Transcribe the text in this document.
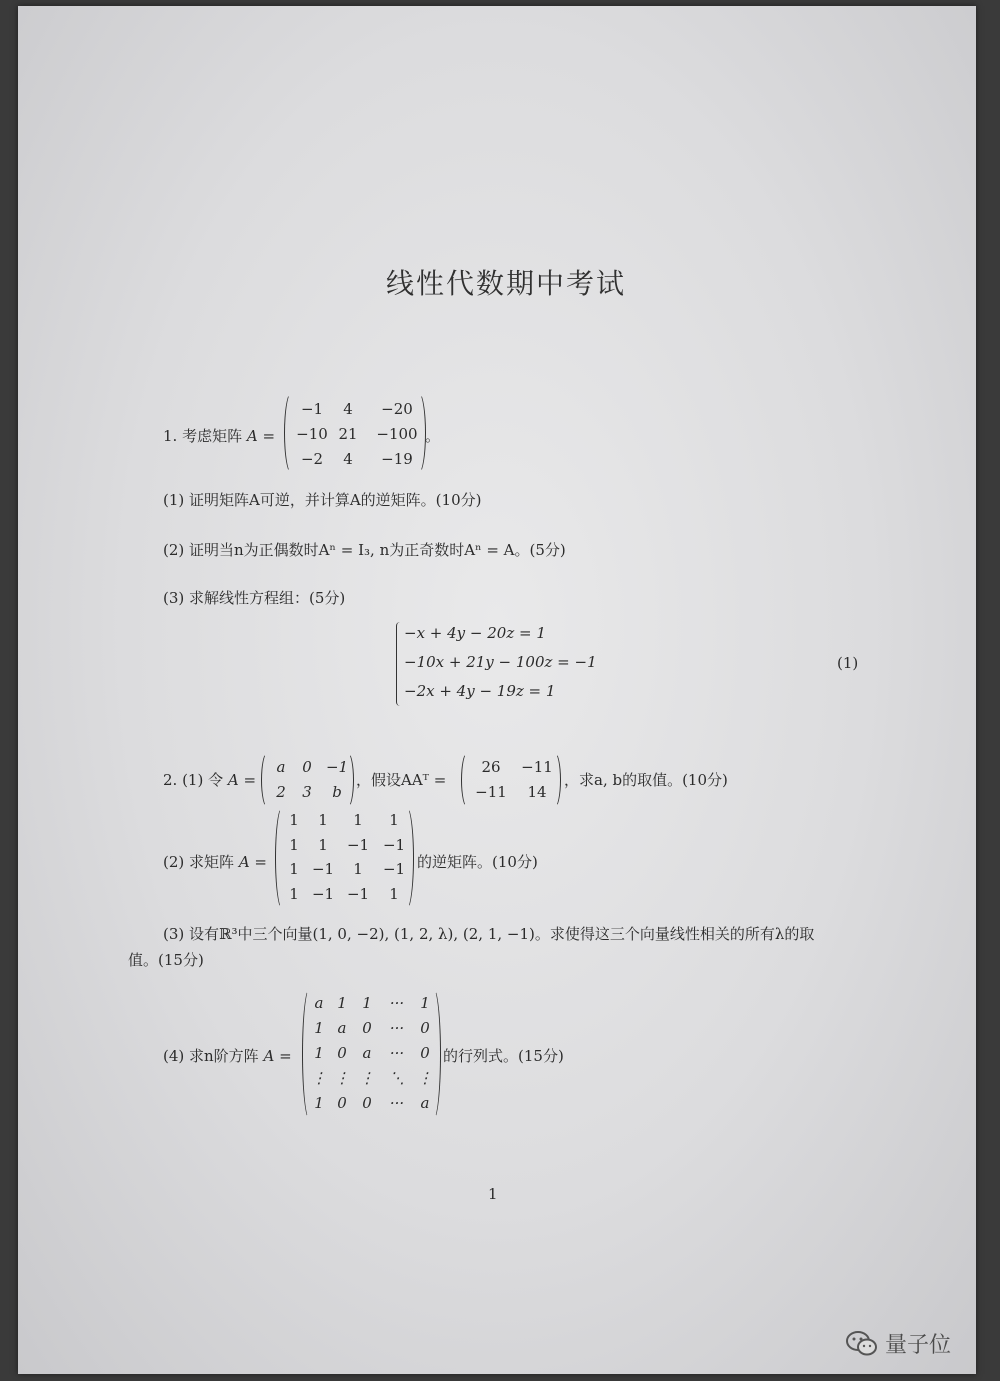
线性代数期中考试
1. 考虑矩阵 A =
−1 4 −20
−10 21 −100
−2 4 −19
。
(1) 证明矩阵A可逆，并计算A的逆矩阵。(10分)
(2) 证明当n为正偶数时Aⁿ = I₃, n为正奇数时Aⁿ = A。(5分)
(3) 求解线性方程组：(5分)
−x + 4y − 20z = 1
−10x + 21y − 100z = −1
−2x + 4y − 19z = 1
(1)
2. (1) 令 A =
a 0 −1
2 3 b
，假设AAᵀ =
26 −11
−11 14
，求a, b的取值。(10分)
(2) 求矩阵 A =
1 1 1 1
1 1 −1 −1
1 −1 1 −1
1 −1 −1 1
的逆矩阵。(10分)
(3) 设有ℝ³中三个向量(1, 0, −2), (1, 2, λ), (2, 1, −1)。求使得这三个向量线性相关的所有λ的取
值。(15分)
(4) 求n阶方阵 A =
a 1 1 ··· 1
1 a 0 ··· 0
1 0 a ··· 0
⋮ ⋮ ⋮ ⋱ ⋮
1 0 0 ··· a
的行列式。(15分)
1
量子位
